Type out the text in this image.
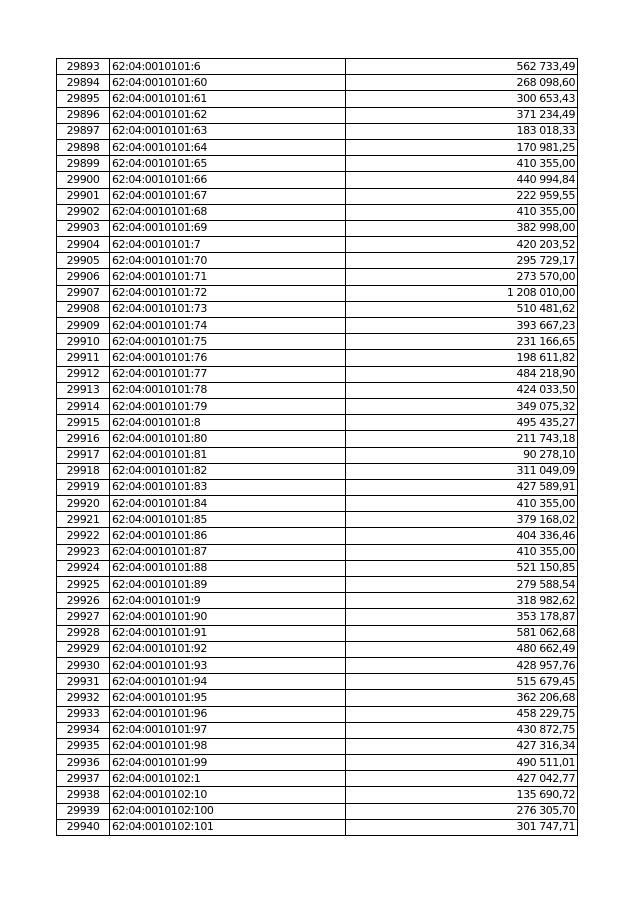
29893	62:04:0010101:6	562 733,49
29894	62:04:0010101:60	268 098,60
29895	62:04:0010101:61	300 653,43
29896	62:04:0010101:62	371 234,49
29897	62:04:0010101:63	183 018,33
29898	62:04:0010101:64	170 981,25
29899	62:04:0010101:65	410 355,00
29900	62:04:0010101:66	440 994,84
29901	62:04:0010101:67	222 959,55
29902	62:04:0010101:68	410 355,00
29903	62:04:0010101:69	382 998,00
29904	62:04:0010101:7	420 203,52
29905	62:04:0010101:70	295 729,17
29906	62:04:0010101:71	273 570,00
29907	62:04:0010101:72	1 208 010,00
29908	62:04:0010101:73	510 481,62
29909	62:04:0010101:74	393 667,23
29910	62:04:0010101:75	231 166,65
29911	62:04:0010101:76	198 611,82
29912	62:04:0010101:77	484 218,90
29913	62:04:0010101:78	424 033,50
29914	62:04:0010101:79	349 075,32
29915	62:04:0010101:8	495 435,27
29916	62:04:0010101:80	211 743,18
29917	62:04:0010101:81	90 278,10
29918	62:04:0010101:82	311 049,09
29919	62:04:0010101:83	427 589,91
29920	62:04:0010101:84	410 355,00
29921	62:04:0010101:85	379 168,02
29922	62:04:0010101:86	404 336,46
29923	62:04:0010101:87	410 355,00
29924	62:04:0010101:88	521 150,85
29925	62:04:0010101:89	279 588,54
29926	62:04:0010101:9	318 982,62
29927	62:04:0010101:90	353 178,87
29928	62:04:0010101:91	581 062,68
29929	62:04:0010101:92	480 662,49
29930	62:04:0010101:93	428 957,76
29931	62:04:0010101:94	515 679,45
29932	62:04:0010101:95	362 206,68
29933	62:04:0010101:96	458 229,75
29934	62:04:0010101:97	430 872,75
29935	62:04:0010101:98	427 316,34
29936	62:04:0010101:99	490 511,01
29937	62:04:0010102:1	427 042,77
29938	62:04:0010102:10	135 690,72
29939	62:04:0010102:100	276 305,70
29940	62:04:0010102:101	301 747,71
